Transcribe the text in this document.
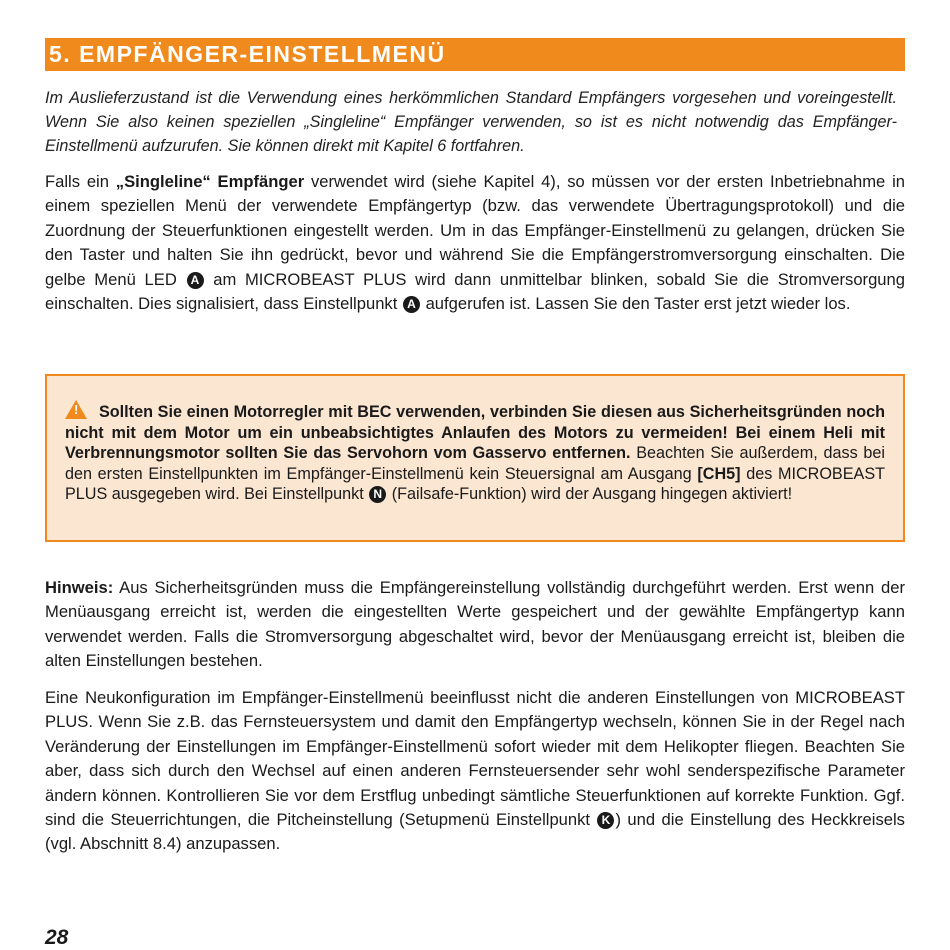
5. EMPFÄNGER-EINSTELLMENÜ
Im Auslieferzustand ist die Verwendung eines herkömmlichen Standard Empfängers vorgesehen und voreingestellt. Wenn Sie also keinen speziellen „Singleline“ Empfänger verwenden, so ist es nicht notwendig das Empfänger-Einstellmenü aufzurufen. Sie können direkt mit Kapitel 6 fortfahren.
Falls ein „Singleline“ Empfänger verwendet wird (siehe Kapitel 4), so müssen vor der ersten Inbetriebnahme in einem speziellen Menü der verwendete Empfängertyp (bzw. das verwendete Übertragungsprotokoll) und die Zuordnung der Steuerfunktionen eingestellt werden. Um in das Empfänger-Einstellmenü zu gelangen, drücken Sie den Taster und halten Sie ihn gedrückt, bevor und während Sie die Empfängerstromversorgung einschalten. Die gelbe Menü LED A am MICROBEAST PLUS wird dann unmittelbar blinken, sobald Sie die Stromversorgung einschalten. Dies signalisiert, dass Einstellpunkt A aufgerufen ist. Lassen Sie den Taster erst jetzt wieder los.
! Sollten Sie einen Motorregler mit BEC verwenden, verbinden Sie diesen aus Sicherheitsgründen noch nicht mit dem Motor um ein unbeabsichtigtes Anlaufen des Motors zu vermeiden! Bei einem Heli mit Verbrennungsmotor sollten Sie das Servohorn vom Gasservo entfernen. Beachten Sie außerdem, dass bei den ersten Einstellpunkten im Empfänger-Einstellmenü kein Steuersignal am Ausgang [CH5] des MICROBEAST PLUS ausgegeben wird. Bei Einstellpunkt N (Failsafe-Funktion) wird der Ausgang hingegen aktiviert!
Hinweis: Aus Sicherheitsgründen muss die Empfängereinstellung vollständig durchgeführt werden. Erst wenn der Menüausgang erreicht ist, werden die eingestellten Werte gespeichert und der gewählte Empfängertyp kann verwendet werden. Falls die Stromversorgung abgeschaltet wird, bevor der Menüausgang erreicht ist, bleiben die alten Einstellungen bestehen.
Eine Neukonfiguration im Empfänger-Einstellmenü beeinflusst nicht die anderen Einstellungen von MICROBEAST PLUS. Wenn Sie z.B. das Fernsteuersystem und damit den Empfängertyp wechseln, können Sie in der Regel nach Veränderung der Einstellungen im Empfänger-Einstellmenü sofort wieder mit dem Helikopter fliegen. Beachten Sie aber, dass sich durch den Wechsel auf einen anderen Fernsteuersender sehr wohl senderspezifische Parameter ändern können. Kontrollieren Sie vor dem Erstflug unbedingt sämtliche Steuerfunktionen auf korrekte Funktion. Ggf. sind die Steuerrichtungen, die Pitcheinstellung (Setupmenü Einstellpunkt K ) und die Einstellung des Heckkreisels (vgl. Abschnitt 8.4) anzupassen.
28
